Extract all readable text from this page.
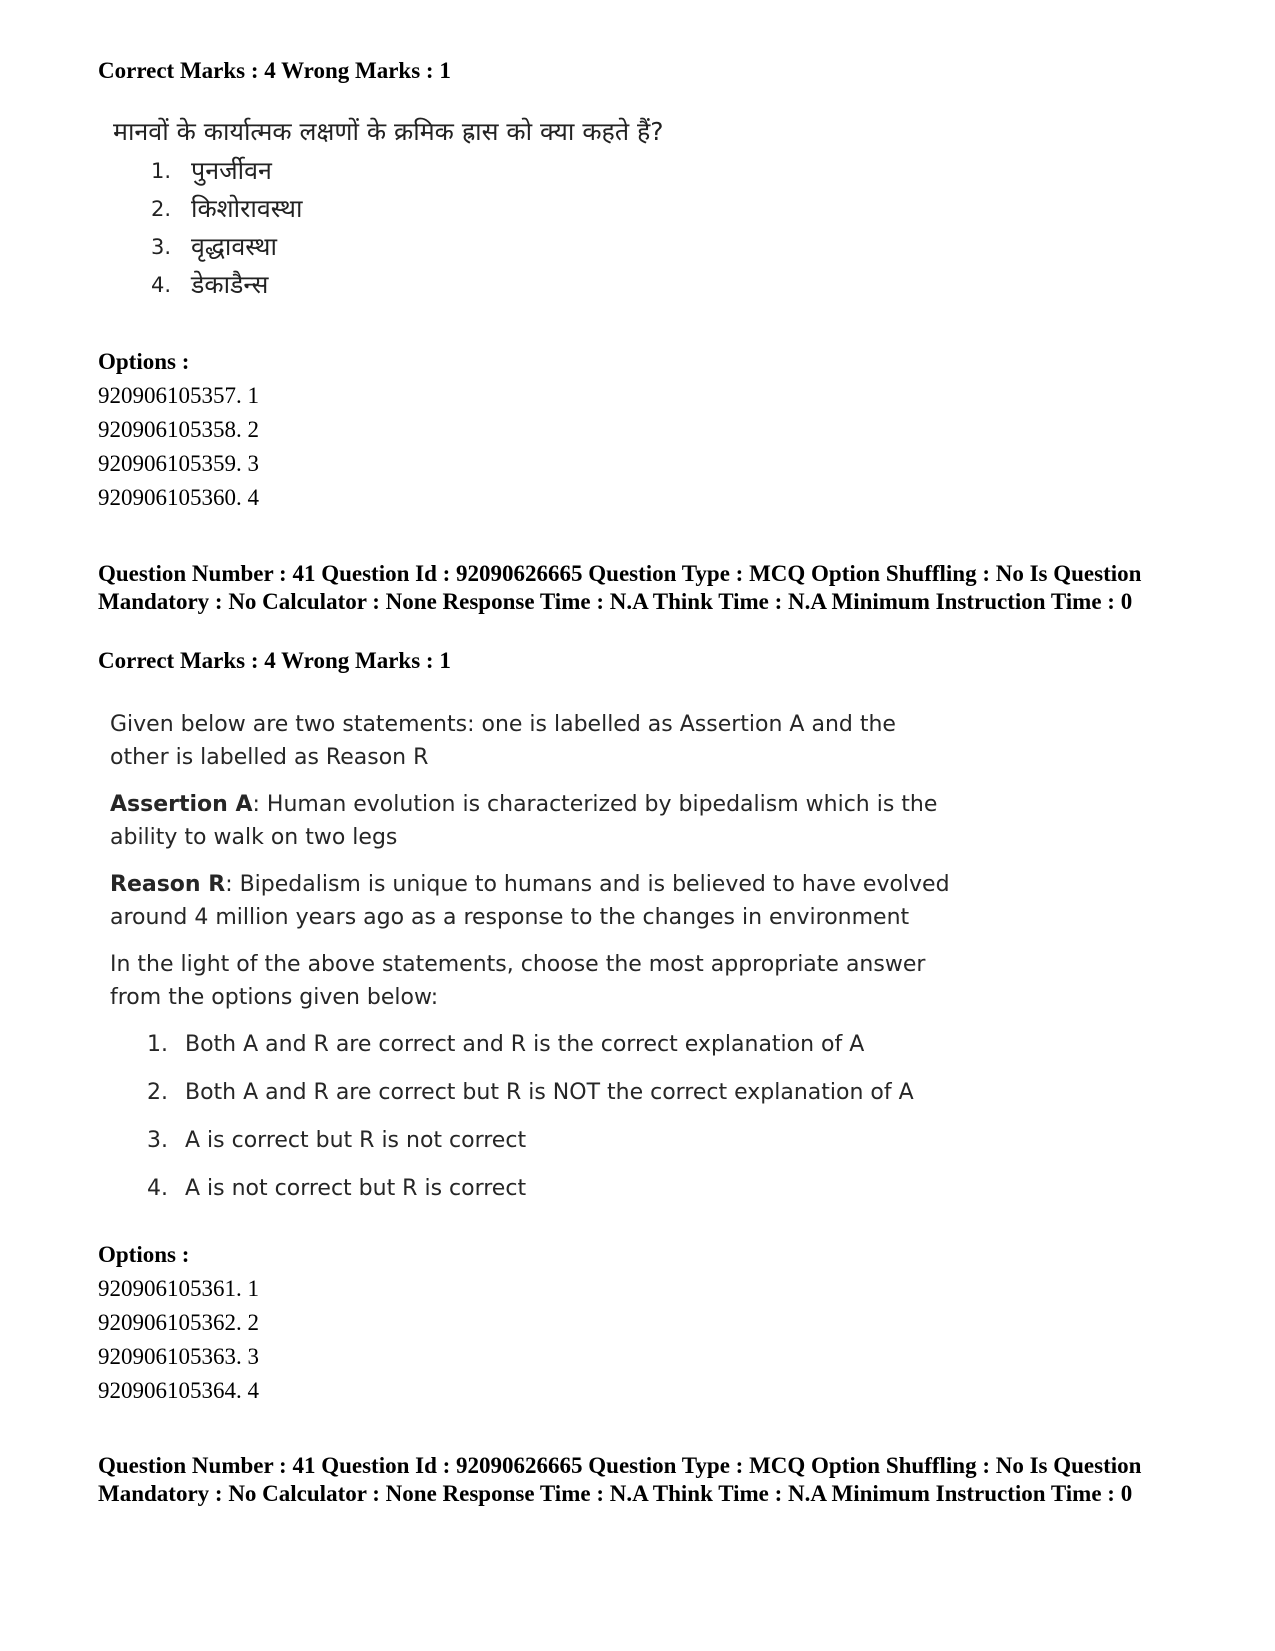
Correct Marks : 4 Wrong Marks : 1
मानवों के कार्यात्मक लक्षणों के क्रमिक ह्रास को क्या कहते हैं?
1. पुनर्जीवन
2. किशोरावस्था
3. वृद्धावस्था
4. डेकाडैन्स
Options :
920906105357. 1
920906105358. 2
920906105359. 3
920906105360. 4
Question Number : 41 Question Id : 92090626665 Question Type : MCQ Option Shuffling : No Is Question Mandatory : No Calculator : None Response Time : N.A Think Time : N.A Minimum Instruction Time : 0
Correct Marks : 4 Wrong Marks : 1

Given below are two statements: one is labelled as Assertion A and the other is labelled as Reason R

Assertion A: Human evolution is characterized by bipedalism which is the ability to walk on two legs

Reason R: Bipedalism is unique to humans and is believed to have evolved around 4 million years ago as a response to the changes in environment

In the light of the above statements, choose the most appropriate answer from the options given below:

1. Both A and R are correct and R is the correct explanation of A
2. Both A and R are correct but R is NOT the correct explanation of A
3. A is correct but R is not correct
4. A is not correct but R is correct
Options :
920906105361. 1
920906105362. 2
920906105363. 3
920906105364. 4
Question Number : 41 Question Id : 92090626665 Question Type : MCQ Option Shuffling : No Is Question Mandatory : No Calculator : None Response Time : N.A Think Time : N.A Minimum Instruction Time : 0
